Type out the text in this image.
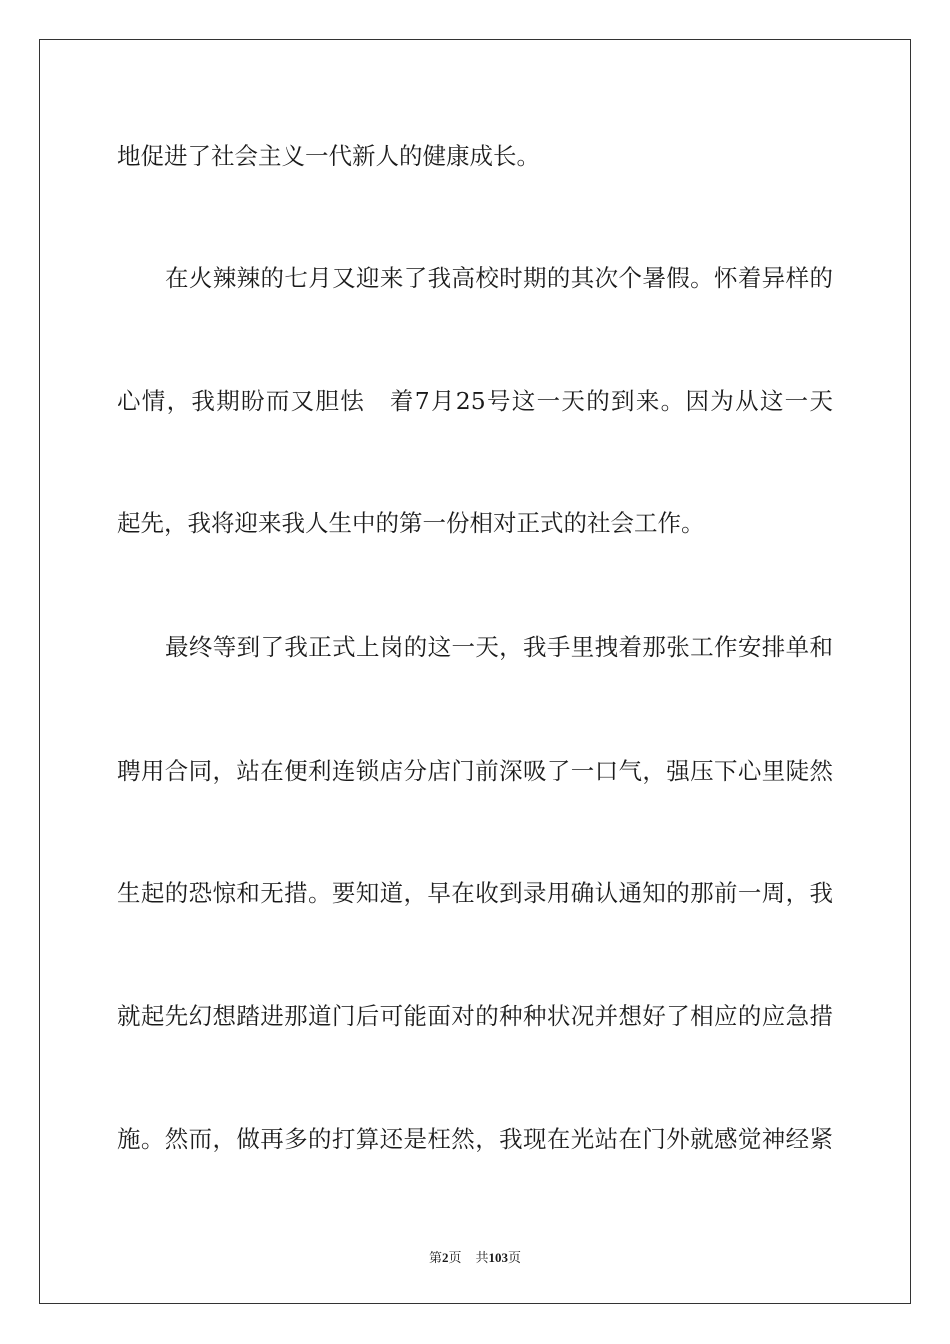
地促进了社会主义一代新人的健康成长。
在火辣辣的七月又迎来了我高校时期的其次个暑假。怀着异样的
心情，我期盼而又胆怯　着7月25号这一天的到来。因为从这一天
起先，我将迎来我人生中的第一份相对正式的社会工作。
最终等到了我正式上岗的这一天，我手里拽着那张工作安排单和
聘用合同，站在便利连锁店分店门前深吸了一口气，强压下心里陡然
生起的恐惊和无措。要知道，早在收到录用确认通知的那前一周，我
就起先幻想踏进那道门后可能面对的种种状况并想好了相应的应急措
施。然而，做再多的打算还是枉然，我现在光站在门外就感觉神经紧
第2页 共103页
